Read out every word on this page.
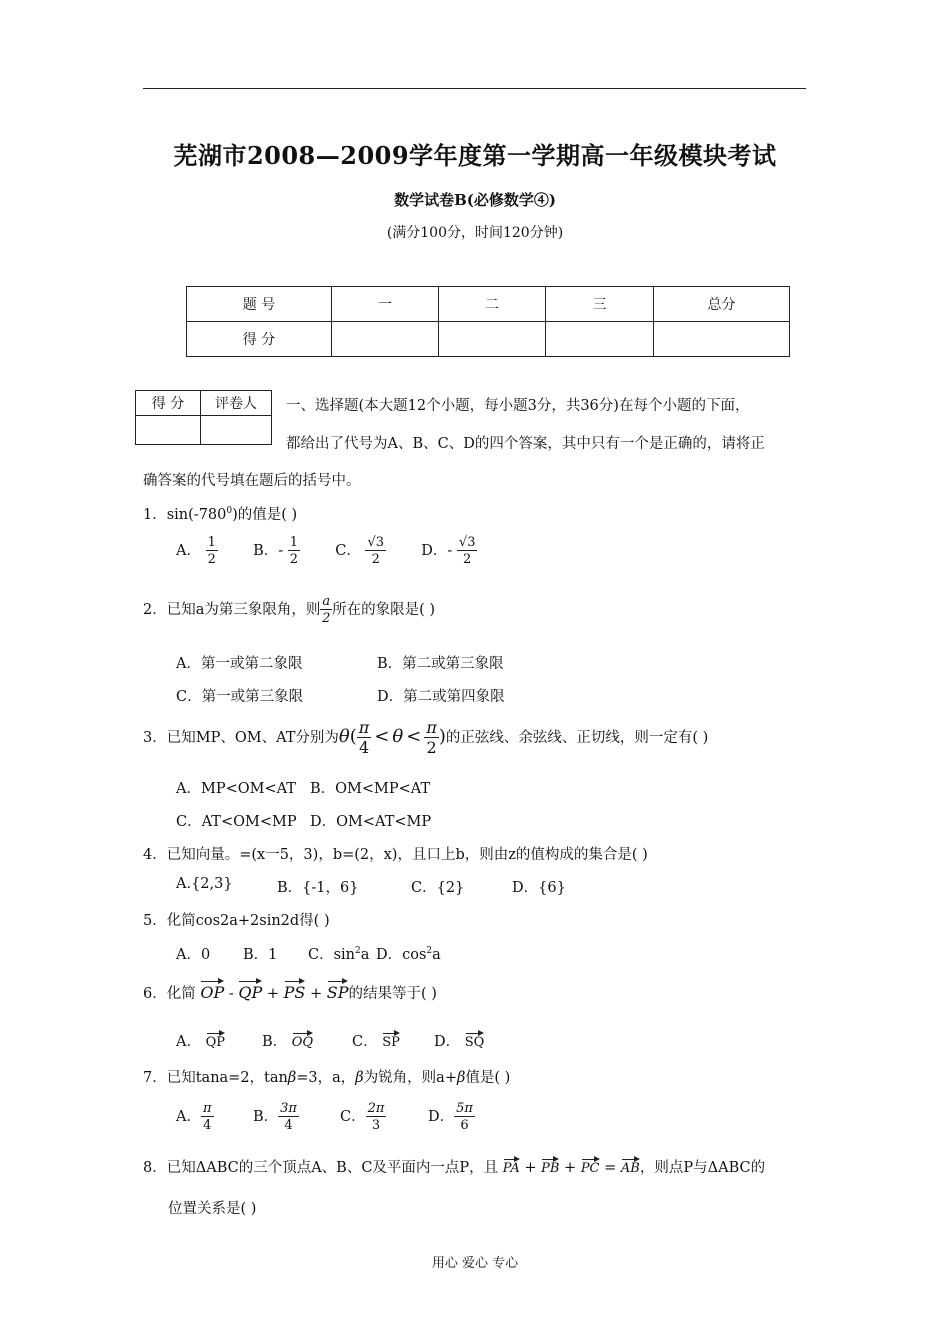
芜湖市2008—2009学年度第一学期高一年级模块考试
数学试卷B(必修数学④)
(满分100分，时间120分钟)
题 号	一	二	三	总分
得 分				
得 分	评卷人
	一、选择题(本大题12个小题，每小题3分，共36分)在每个小题的下面，
都给出了代号为A、B、C、D的四个答案，其中只有一个是正确的，请将正
确答案的代号填在题后的括号中。
1．$\sin(-780^0)$的值是( )
A． $\frac{1}{2}$ B．- $\frac{1}{2}$ C． $\frac{√3}{2}$ D．- $\frac{√3}{2}$
2．已知a为第三象限角，则 $\frac{a}{2}$ 所在的象限是( )
A．第一或第二象限	B．第二或第三象限
C．第一或第三象限	D．第二或第四象限
3．已知MP、OM、AT分别为$\theta( \frac{\pi}{4} < \theta < \frac{\pi}{2}$ )的正弦线、余弦线、正切线，则一定有( )
A．MP<OM<AT B．OM<MP<AT
C．AT<OM<MP D．OM<AT<MP
4．已知向量。=(x一5，3)，b=(2，x)，且口上b，则由z的值构成的集合是( )
A.{2,3}	B．{-1，6}	C．{2}	D．{6}
5．化简cos2a+2sin2d得( )
A．0 B．1 C．$\sin^2a$ D．$\cos^2a$
6．化简 OP - QP + PS + SP的结果等于( )
A． QP	B． OQ	C． SP D． SQ
7．已知tana=2，tanβ=3，a，β为锐角，则a+β值是( )
A． $\frac{\pi}{4}$	B． $\frac{3\pi}{4}$	C． $\frac{2\pi}{3}$	D． $\frac{5\pi}{6}$
8．已知ΔABC的三个顶点A、B、C及平面内一点P，且 PA + PB + PC = AB，则点P与ΔABC的
位置关系是( )
用心 爱心 专心
